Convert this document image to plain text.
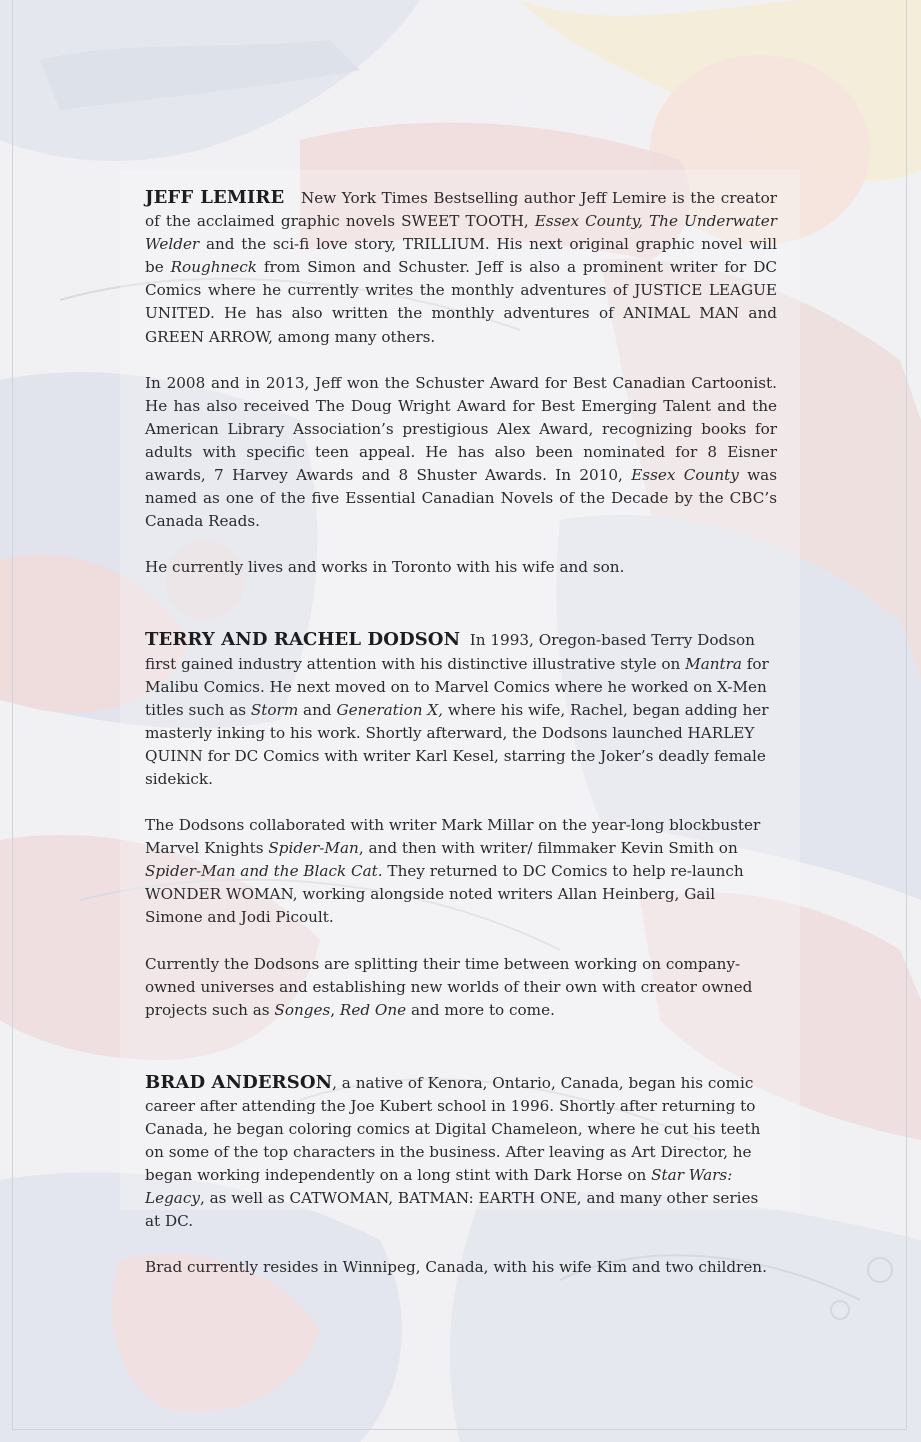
JEFF LEMIRE New York Times Bestselling author Jeff Lemire is the creator of the acclaimed graphic novels SWEET TOOTH, Essex County, The Underwater Welder and the sci-fi love story, TRILLIUM. His next original graphic novel will be Roughneck from Simon and Schuster. Jeff is also a prominent writer for DC Comics where he currently writes the monthly adventures of JUSTICE LEAGUE UNITED. He has also written the monthly adventures of ANIMAL MAN and GREEN ARROW, among many others.

In 2008 and in 2013, Jeff won the Schuster Award for Best Canadian Cartoonist. He has also received The Doug Wright Award for Best Emerging Talent and the American Library Association’s prestigious Alex Award, recognizing books for adults with specific teen appeal. He has also been nominated for 8 Eisner awards, 7 Harvey Awards and 8 Shuster Awards. In 2010, Essex County was named as one of the five Essential Canadian Novels of the Decade by the CBC’s Canada Reads.

He currently lives and works in Toronto with his wife and son.

TERRY AND RACHEL DODSON In 1993, Oregon-based Terry Dodson first gained industry attention with his distinctive illustrative style on Mantra for Malibu Comics. He next moved on to Marvel Comics where he worked on X-Men titles such as Storm and Generation X, where his wife, Rachel, began adding her masterly inking to his work. Shortly afterward, the Dodsons launched HARLEY QUINN for DC Comics with writer Karl Kesel, starring the Joker’s deadly female sidekick.

The Dodsons collaborated with writer Mark Millar on the year-long blockbuster Marvel Knights Spider-Man, and then with writer/ filmmaker Kevin Smith on Spider-Man and the Black Cat. They returned to DC Comics to help re-launch WONDER WOMAN, working alongside noted writers Allan Heinberg, Gail Simone and Jodi Picoult.

Currently the Dodsons are splitting their time between working on company-owned universes and establishing new worlds of their own with creator owned projects such as Songes, Red One and more to come.

BRAD ANDERSON, a native of Kenora, Ontario, Canada, began his comic career after attending the Joe Kubert school in 1996. Shortly after returning to Canada, he began coloring comics at Digital Chameleon, where he cut his teeth on some of the top characters in the business. After leaving as Art Director, he began working independently on a long stint with Dark Horse on Star Wars: Legacy, as well as CATWOMAN, BATMAN: EARTH ONE, and many other series at DC.

Brad currently resides in Winnipeg, Canada, with his wife Kim and two children.
